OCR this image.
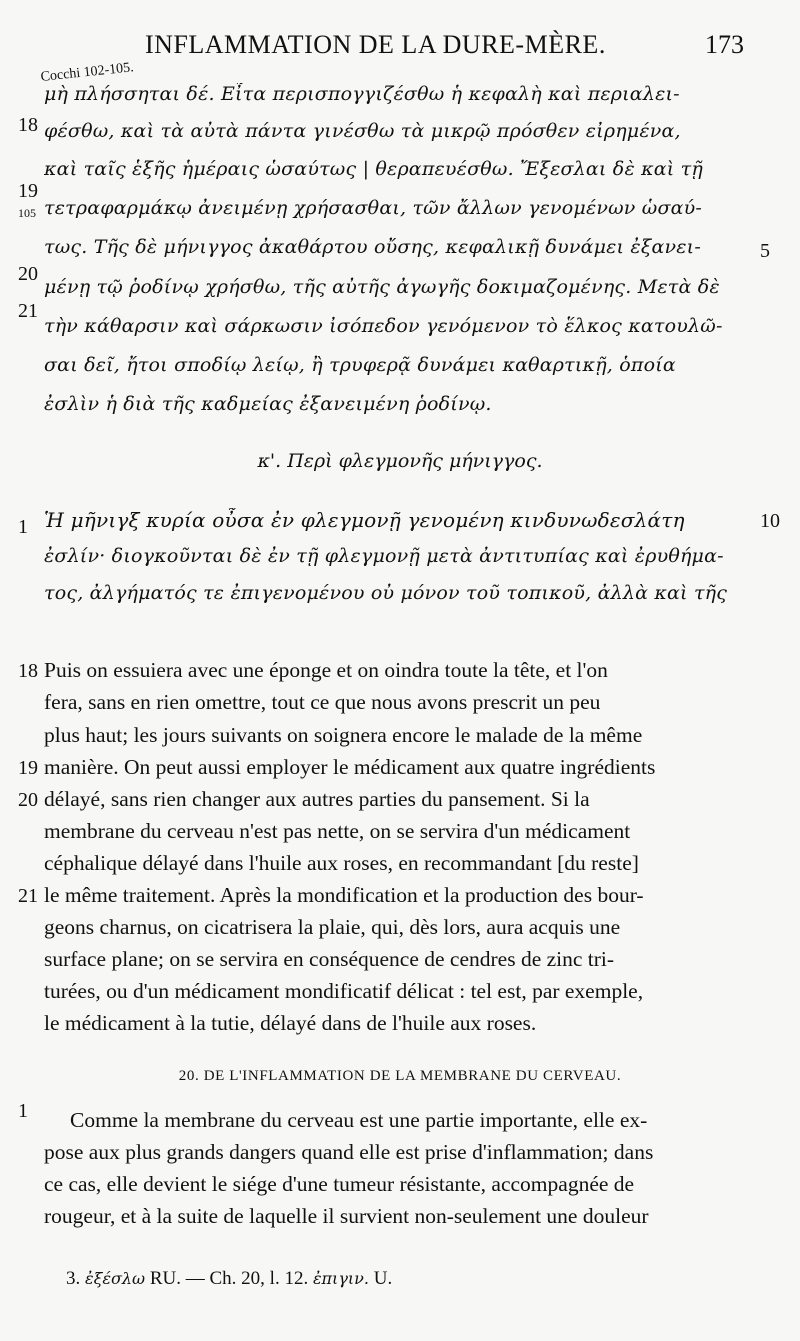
INFLAMMATION DE LA DURE-MÈRE.	173
Cocchi 102-105.
18
μὴ πλήσσηται δέ. Εἶτα περισπογγιζέσθω ἡ κεφαλὴ καὶ περιαλει-
φέσθω, καὶ τὰ αὐτὰ πάντα γινέσθω τὰ μικρῷ πρόσθεν εἰρημένα,
19
καὶ ταῖς ἑξῆς ἡμέραις ὡσαύτως | θεραπευέσθω. Ἔξεσλαι δὲ καὶ τῇ
105 τετραφαρμάκῳ ἀνειμένῃ χρήσασθαι, τῶν ἄλλων γενομένων ὡσαύ-
20
τως. Τῆς δὲ μήνιγγος ἀκαθάρτου οὔσης, κεφαλικῇ δυνάμει ἐξανει-	5
21
μένῃ τῷ ῥοδίνῳ χρήσθω, τῆς αὐτῆς ἀγωγῆς δοκιμαζομένης. Μετὰ δὲ
τὴν κάθαρσιν καὶ σάρκωσιν ἰσόπεδον γενόμενον τὸ ἕλκος κατουλῶ-
σαι δεῖ, ἤτοι σποδίῳ λείῳ, ἢ τρυφερᾷ δυνάμει καθαρτικῇ, ὁποία
ἐσλὶν ἡ διὰ τῆς καδμείας ἐξανειμένη ῥοδίνῳ.
κ'. Περὶ φλεγμονῆς μήνιγγος.
1 Ἡ μῆνιγξ κυρία οὖσα ἐν φλεγμονῇ γενομένη κινδυνωδεσλάτη	10
ἐσλίν· διογκοῦνται δὲ ἐν τῇ φλεγμονῇ μετὰ ἀντιτυπίας καὶ ἐρυθήμα-
τος, ἀλγήματός τε ἐπιγενομένου οὐ μόνον τοῦ τοπικοῦ, ἀλλὰ καὶ τῆς
18 Puis on essuiera avec une éponge et on oindra toute la tête, et l'on
fera, sans en rien omettre, tout ce que nous avons prescrit un peu
plus haut; les jours suivants on soignera encore le malade de la même
19 manière. On peut aussi employer le médicament aux quatre ingrédients
20 délayé, sans rien changer aux autres parties du pansement. Si la
membrane du cerveau n'est pas nette, on se servira d'un médicament
céphalique délayé dans l'huile aux roses, en recommandant [du reste]
21 le même traitement. Après la mondification et la production des bour-
geons charnus, on cicatrisera la plaie, qui, dès lors, aura acquis une
surface plane; on se servira en conséquence de cendres de zinc tri-
turées, ou d'un médicament mondificatif délicat : tel est, par exemple,
le médicament à la tutie, délayé dans de l'huile aux roses.
20. DE L'INFLAMMATION DE LA MEMBRANE DU CERVEAU.
1	Comme la membrane du cerveau est une partie importante, elle ex-
pose aux plus grands dangers quand elle est prise d'inflammation; dans
ce cas, elle devient le siége d'une tumeur résistante, accompagnée de
rougeur, et à la suite de laquelle il survient non-seulement une douleur
3. ἐξέσλω RU. — Ch. 20, l. 12. ἐπιγιν. U.
